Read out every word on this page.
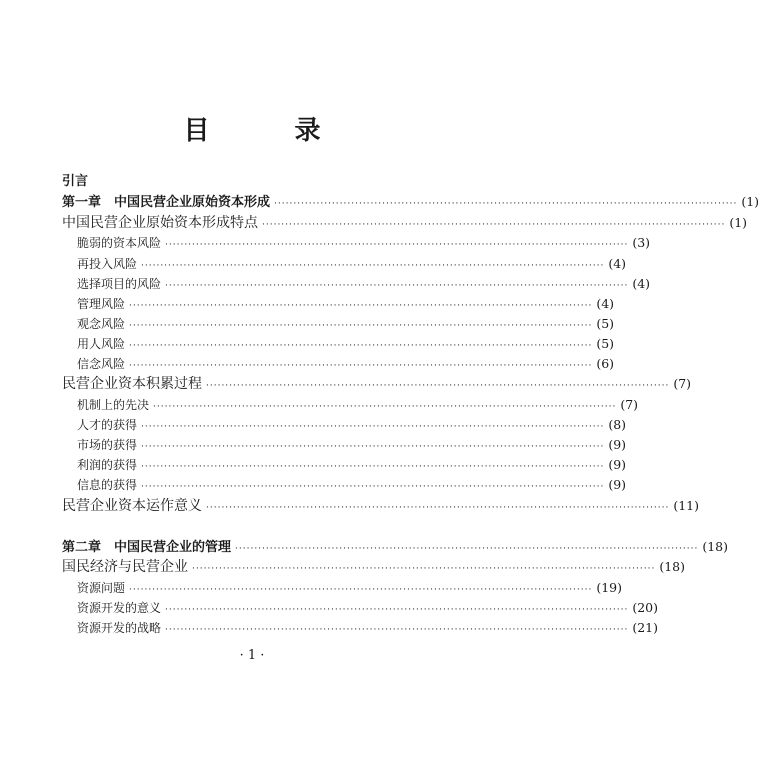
目 录
引言
第一章　中国民营企业原始资本形成 ························································································································ (1)
中国民营企业原始资本形成特点 ························································································································ (1)
脆弱的资本风险 ························································································································ (3)
再投入风险 ························································································································ (4)
选择项目的风险 ························································································································ (4)
管理风险 ························································································································ (4)
观念风险 ························································································································ (5)
用人风险 ························································································································ (5)
信念风险 ························································································································ (6)
民营企业资本积累过程 ························································································································ (7)
机制上的先决 ························································································································ (7)
人才的获得 ························································································································ (8)
市场的获得 ························································································································ (9)
利润的获得 ························································································································ (9)
信息的获得 ························································································································ (9)
民营企业资本运作意义 ························································································································ (11)
第二章　中国民营企业的管理 ························································································································ (18)
国民经济与民营企业 ························································································································ (18)
资源问题 ························································································································ (19)
资源开发的意义 ························································································································ (20)
资源开发的战略 ························································································································ (21)
· 1 ·
